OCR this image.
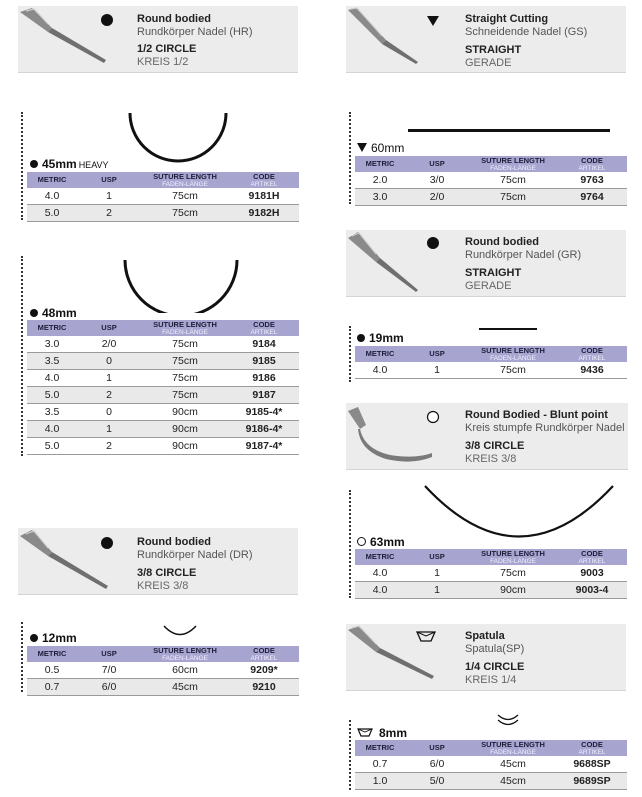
Round bodied
Rundkörper Nadel (HR)
1/2 CIRCLE
KREIS 1/2
45mm HEAVY
METRIC	USP	SUTURE LENGTH
FADEN-LÄNGE	CODE
ARTIKEL

4.0	1	75cm	9181H
5.0	2	75cm	9182H
48mm
METRIC	USP	SUTURE LENGTH
FADEN-LÄNGE	CODE
ARTIKEL

3.0	2/0	75cm	9184
3.5	0	75cm	9185
4.0	1	75cm	9186
5.0	2	75cm	9187
3.5	0	90cm	9185-4*
4.0	1	90cm	9186-4*
5.0	2	90cm	9187-4*
Round bodied
Rundkörper Nadel (DR)
3/8 CIRCLE
KREIS 3/8
12mm
METRIC	USP	SUTURE LENGTH
FADEN-LÄNGE	CODE
ARTIKEL

0.5	7/0	60cm	9209*
0.7	6/0	45cm	9210
Straight Cutting
Schneidende Nadel (GS)
STRAIGHT
GERADE
60mm
METRIC	USP	SUTURE LENGTH
FADEN-LÄNGE	CODE
ARTIKEL

2.0	3/0	75cm	9763
3.0	2/0	75cm	9764
Round bodied
Rundkörper Nadel (GR)
STRAIGHT
GERADE
19mm
METRIC	USP	SUTURE LENGTH
FADEN-LÄNGE	CODE
ARTIKEL

4.0	1	75cm	9436
Round Bodied - Blunt point
Kreis stumpfe Rundkörper Nadel
3/8 CIRCLE
KREIS 3/8
63mm
METRIC	USP	SUTURE LENGTH
FADEN-LÄNGE	CODE
ARTIKEL

4.0	1	75cm	9003
4.0	1	90cm	9003-4
Spatula
Spatula(SP)
1/4 CIRCLE
KREIS 1/4
8mm
METRIC	USP	SUTURE LENGTH
FADEN-LÄNGE	CODE
ARTIKEL

0.7	6/0	45cm	9688SP
1.0	5/0	45cm	9689SP
